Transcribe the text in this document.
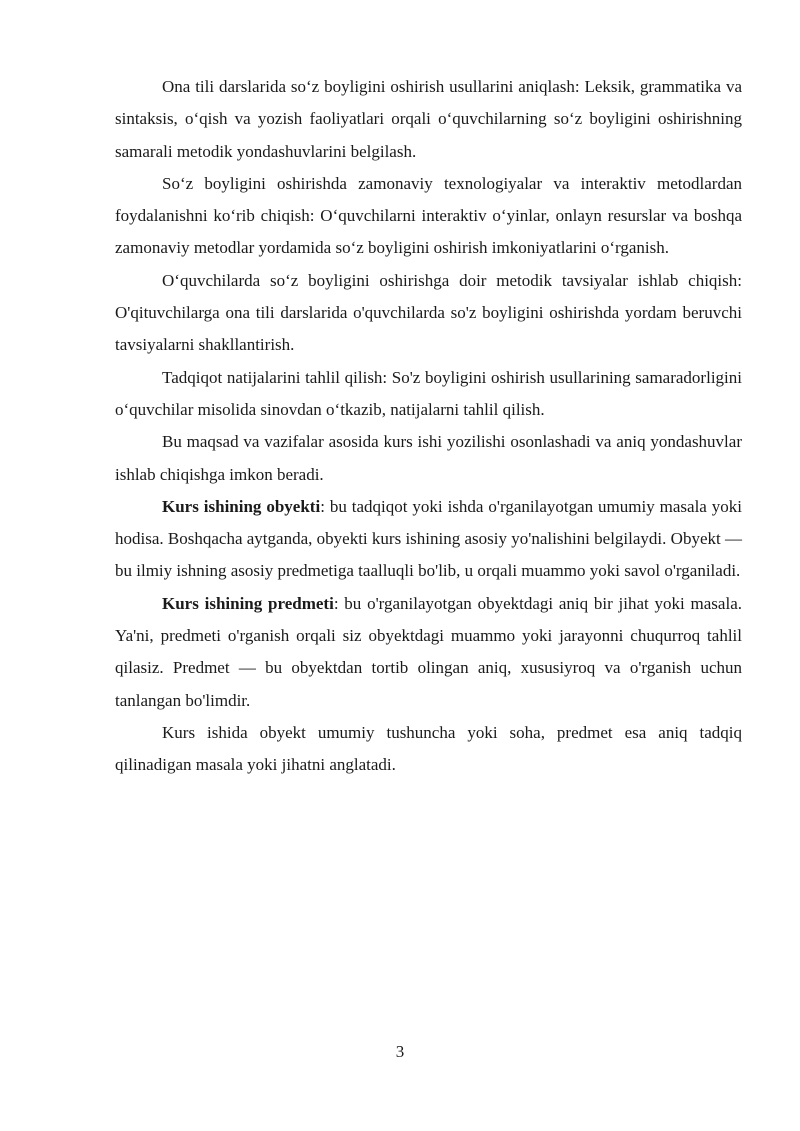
Ona tili darslarida so‘z boyligini oshirish usullarini aniqlash: Leksik, grammatika va sintaksis, o‘qish va yozish faoliyatlari orqali o‘quvchilarning so‘z boyligini oshirishning samarali metodik yondashuvlarini belgilash.

So‘z boyligini oshirishda zamonaviy texnologiyalar va interaktiv metodlardan foydalanishni ko‘rib chiqish: O‘quvchilarni interaktiv o‘yinlar, onlayn resurslar va boshqa zamonaviy metodlar yordamida so‘z boyligini oshirish imkoniyatlarini o‘rganish.

O‘quvchilarda so‘z boyligini oshirishga doir metodik tavsiyalar ishlab chiqish: O'qituvchilarga ona tili darslarida o'quvchilarda so'z boyligini oshirishda yordam beruvchi tavsiyalarni shakllantirish.

Tadqiqot natijalarini tahlil qilish: So'z boyligini oshirish usullarining samaradorligini o‘quvchilar misolida sinovdan o‘tkazib, natijalarni tahlil qilish.

Bu maqsad va vazifalar asosida kurs ishi yozilishi osonlashadi va aniq yondashuvlar ishlab chiqishga imkon beradi.

Kurs ishining obyekti: bu tadqiqot yoki ishda o'rganilayotgan umumiy masala yoki hodisa. Boshqacha aytganda, obyekti kurs ishining asosiy yo'nalishini belgilaydi. Obyekt — bu ilmiy ishning asosiy predmetiga taalluqli bo'lib, u orqali muammo yoki savol o'rganiladi.

Kurs ishining predmeti: bu o'rganilayotgan obyektdagi aniq bir jihat yoki masala. Ya'ni, predmeti o'rganish orqali siz obyektdagi muammo yoki jarayonni chuqurroq tahlil qilasiz. Predmet — bu obyektdan tortib olingan aniq, xususiyroq va o'rganish uchun tanlangan bo'limdir.

Kurs ishida obyekt umumiy tushuncha yoki soha, predmet esa aniq tadqiq qilinadigan masala yoki jihatni anglatadi.

3
